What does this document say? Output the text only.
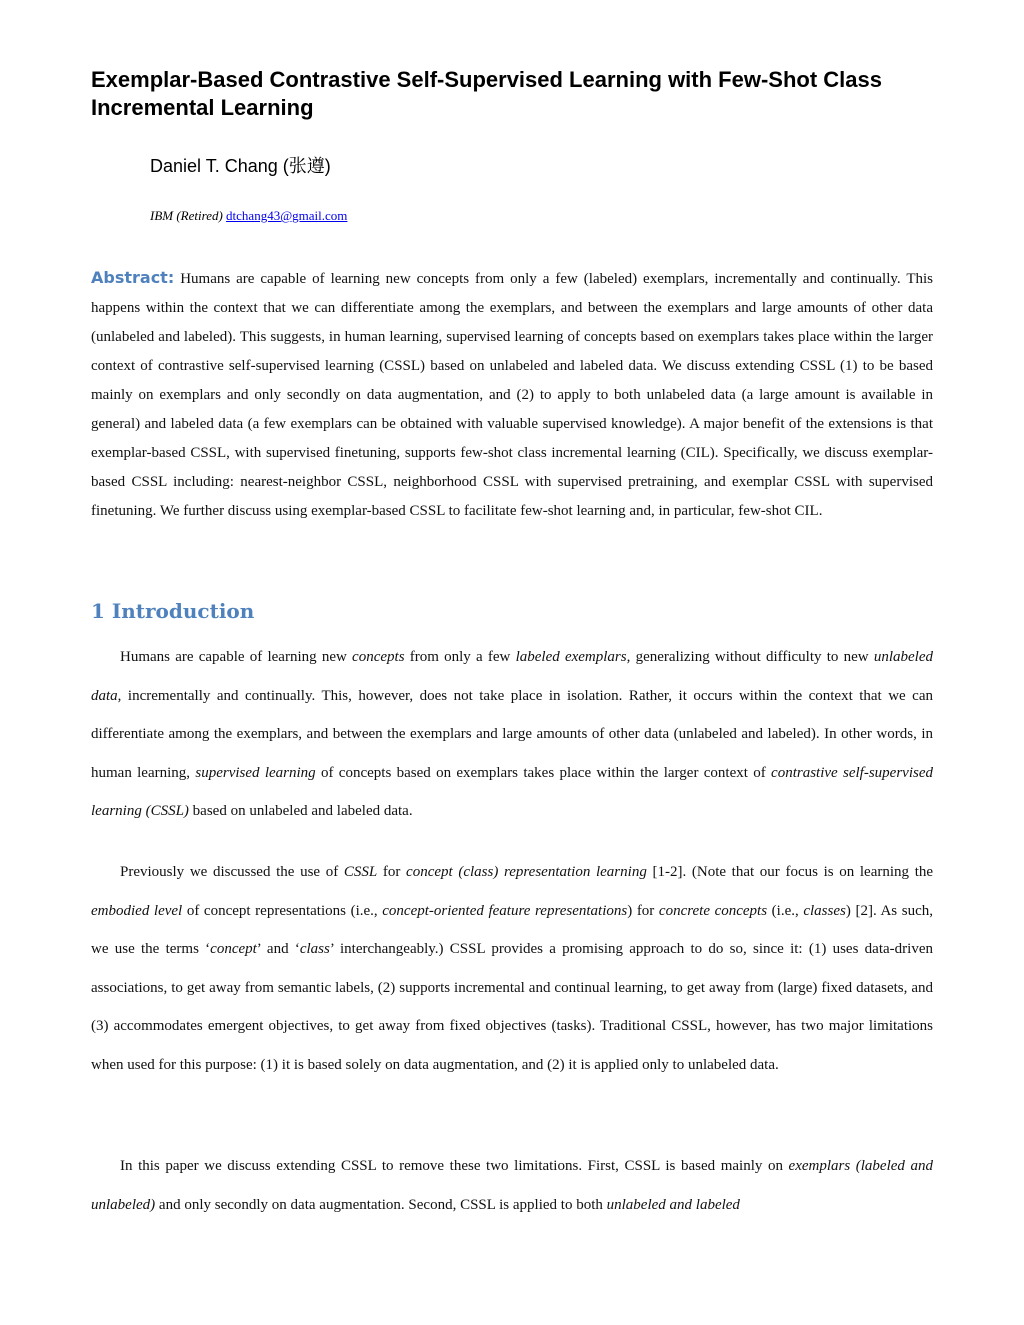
Exemplar-Based Contrastive Self-Supervised Learning with Few-Shot Class Incremental Learning
Daniel T. Chang (张遵)
IBM (Retired) dtchang43@gmail.com

Abstract: Humans are capable of learning new concepts from only a few (labeled) exemplars, incrementally and continually. This happens within the context that we can differentiate among the exemplars, and between the exemplars and large amounts of other data (unlabeled and labeled). This suggests, in human learning, supervised learning of concepts based on exemplars takes place within the larger context of contrastive self-supervised learning (CSSL) based on unlabeled and labeled data. We discuss extending CSSL (1) to be based mainly on exemplars and only secondly on data augmentation, and (2) to apply to both unlabeled data (a large amount is available in general) and labeled data (a few exemplars can be obtained with valuable supervised knowledge). A major benefit of the extensions is that exemplar-based CSSL, with supervised finetuning, supports few-shot class incremental learning (CIL). Specifically, we discuss exemplar-based CSSL including: nearest-neighbor CSSL, neighborhood CSSL with supervised pretraining, and exemplar CSSL with supervised finetuning. We further discuss using exemplar-based CSSL to facilitate few-shot learning and, in particular, few-shot CIL.

1 Introduction

Humans are capable of learning new concepts from only a few labeled exemplars, generalizing without difficulty to new unlabeled data, incrementally and continually. This, however, does not take place in isolation. Rather, it occurs within the context that we can differentiate among the exemplars, and between the exemplars and large amounts of other data (unlabeled and labeled). In other words, in human learning, supervised learning of concepts based on exemplars takes place within the larger context of contrastive self-supervised learning (CSSL) based on unlabeled and labeled data.

Previously we discussed the use of CSSL for concept (class) representation learning [1-2]. (Note that our focus is on learning the embodied level of concept representations (i.e., concept-oriented feature representations) for concrete concepts (i.e., classes) [2]. As such, we use the terms ‘concept’ and ‘class’ interchangeably.) CSSL provides a promising approach to do so, since it: (1) uses data-driven associations, to get away from semantic labels, (2) supports incremental and continual learning, to get away from (large) fixed datasets, and (3) accommodates emergent objectives, to get away from fixed objectives (tasks). Traditional CSSL, however, has two major limitations when used for this purpose: (1) it is based solely on data augmentation, and (2) it is applied only to unlabeled data.

In this paper we discuss extending CSSL to remove these two limitations. First, CSSL is based mainly on exemplars (labeled and unlabeled) and only secondly on data augmentation. Second, CSSL is applied to both unlabeled and labeled
